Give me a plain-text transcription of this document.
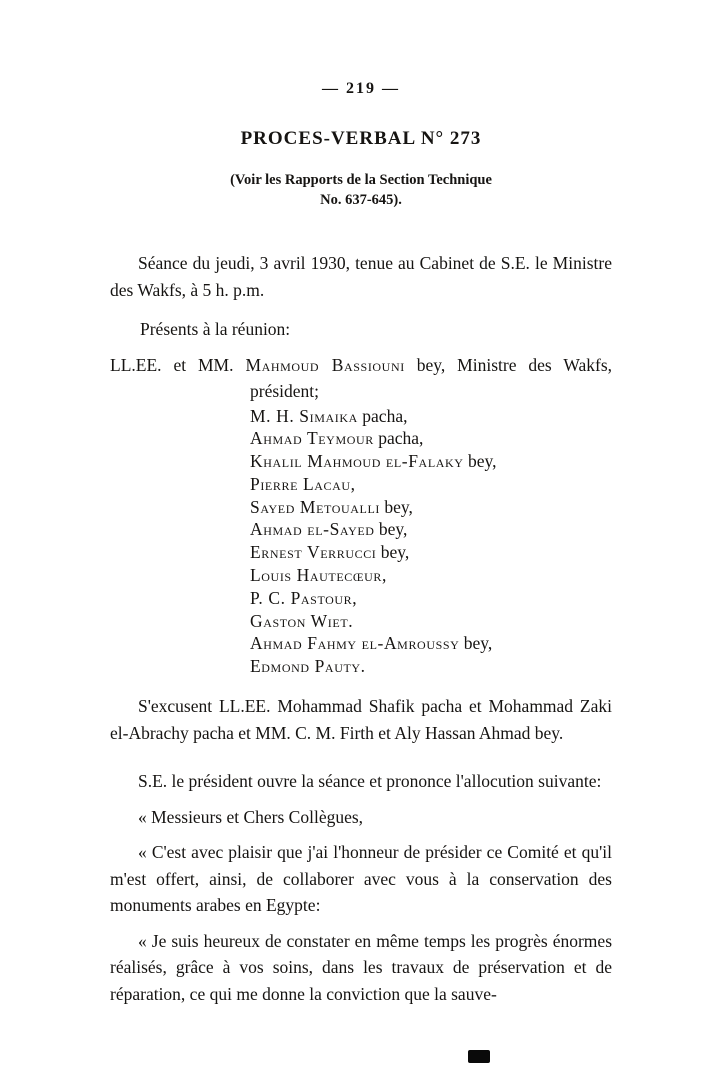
— 219 —
PROCES-VERBAL N° 273
(Voir les Rapports de la Section Technique
No. 637-645).

Séance du jeudi, 3 avril 1930, tenue au Cabinet de S.E. le Ministre des Wakfs, à 5 h. p.m.

Présents à la réunion:

LL.EE. et MM. Mahmoud Bassiouni bey, Ministre des Wakfs, président;

M. H. Simaika pacha,
Ahmad Teymour pacha,
Khalil Mahmoud el-Falaky bey,
Pierre Lacau,
Sayed Metoualli bey,
Ahmad el-Sayed bey,
Ernest Verrucci bey,
Louis Hautecœur,
P. C. Pastour,
Gaston Wiet.
Ahmad Fahmy el-Amroussy bey,
Edmond Pauty.

S'excusent LL.EE. Mohammad Shafik pacha et Mohammad Zaki el-Abrachy pacha et MM. C. M. Firth et Aly Hassan Ahmad bey.

S.E. le président ouvre la séance et prononce l'allocution suivante:

« Messieurs et Chers Collègues,

« C'est avec plaisir que j'ai l'honneur de présider ce Comité et qu'il m'est offert, ainsi, de collaborer avec vous à la conservation des monuments arabes en Egypte:

« Je suis heureux de constater en même temps les progrès énormes réalisés, grâce à vos soins, dans les travaux de préservation et de réparation, ce qui me donne la conviction que la sauve-
